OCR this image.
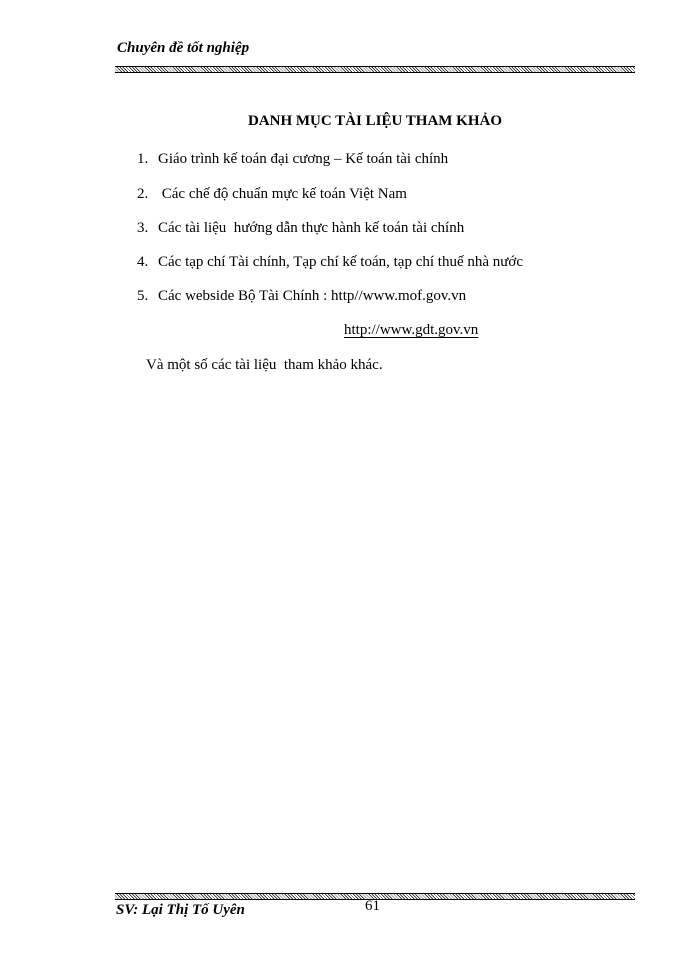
Chuyên đề tốt nghiệp
DANH MỤC TÀI LIỆU THAM KHẢO
1. Giáo trình kế toán đại cương – Kế toán tài chính
2. Các chế độ chuẩn mực kế toán Việt Nam
3. Các tài liệu  hướng dẫn thực hành kế toán tài chính
4. Các tạp chí Tài chính, Tạp chí kế toán, tạp chí thuế nhà nước
5. Các webside Bộ Tài Chính : http//www.mof.gov.vn
http://www.gdt.gov.vn
Và một số các tài liệu  tham khảo khác.
SV: Lại Thị Tố Uyên	61
